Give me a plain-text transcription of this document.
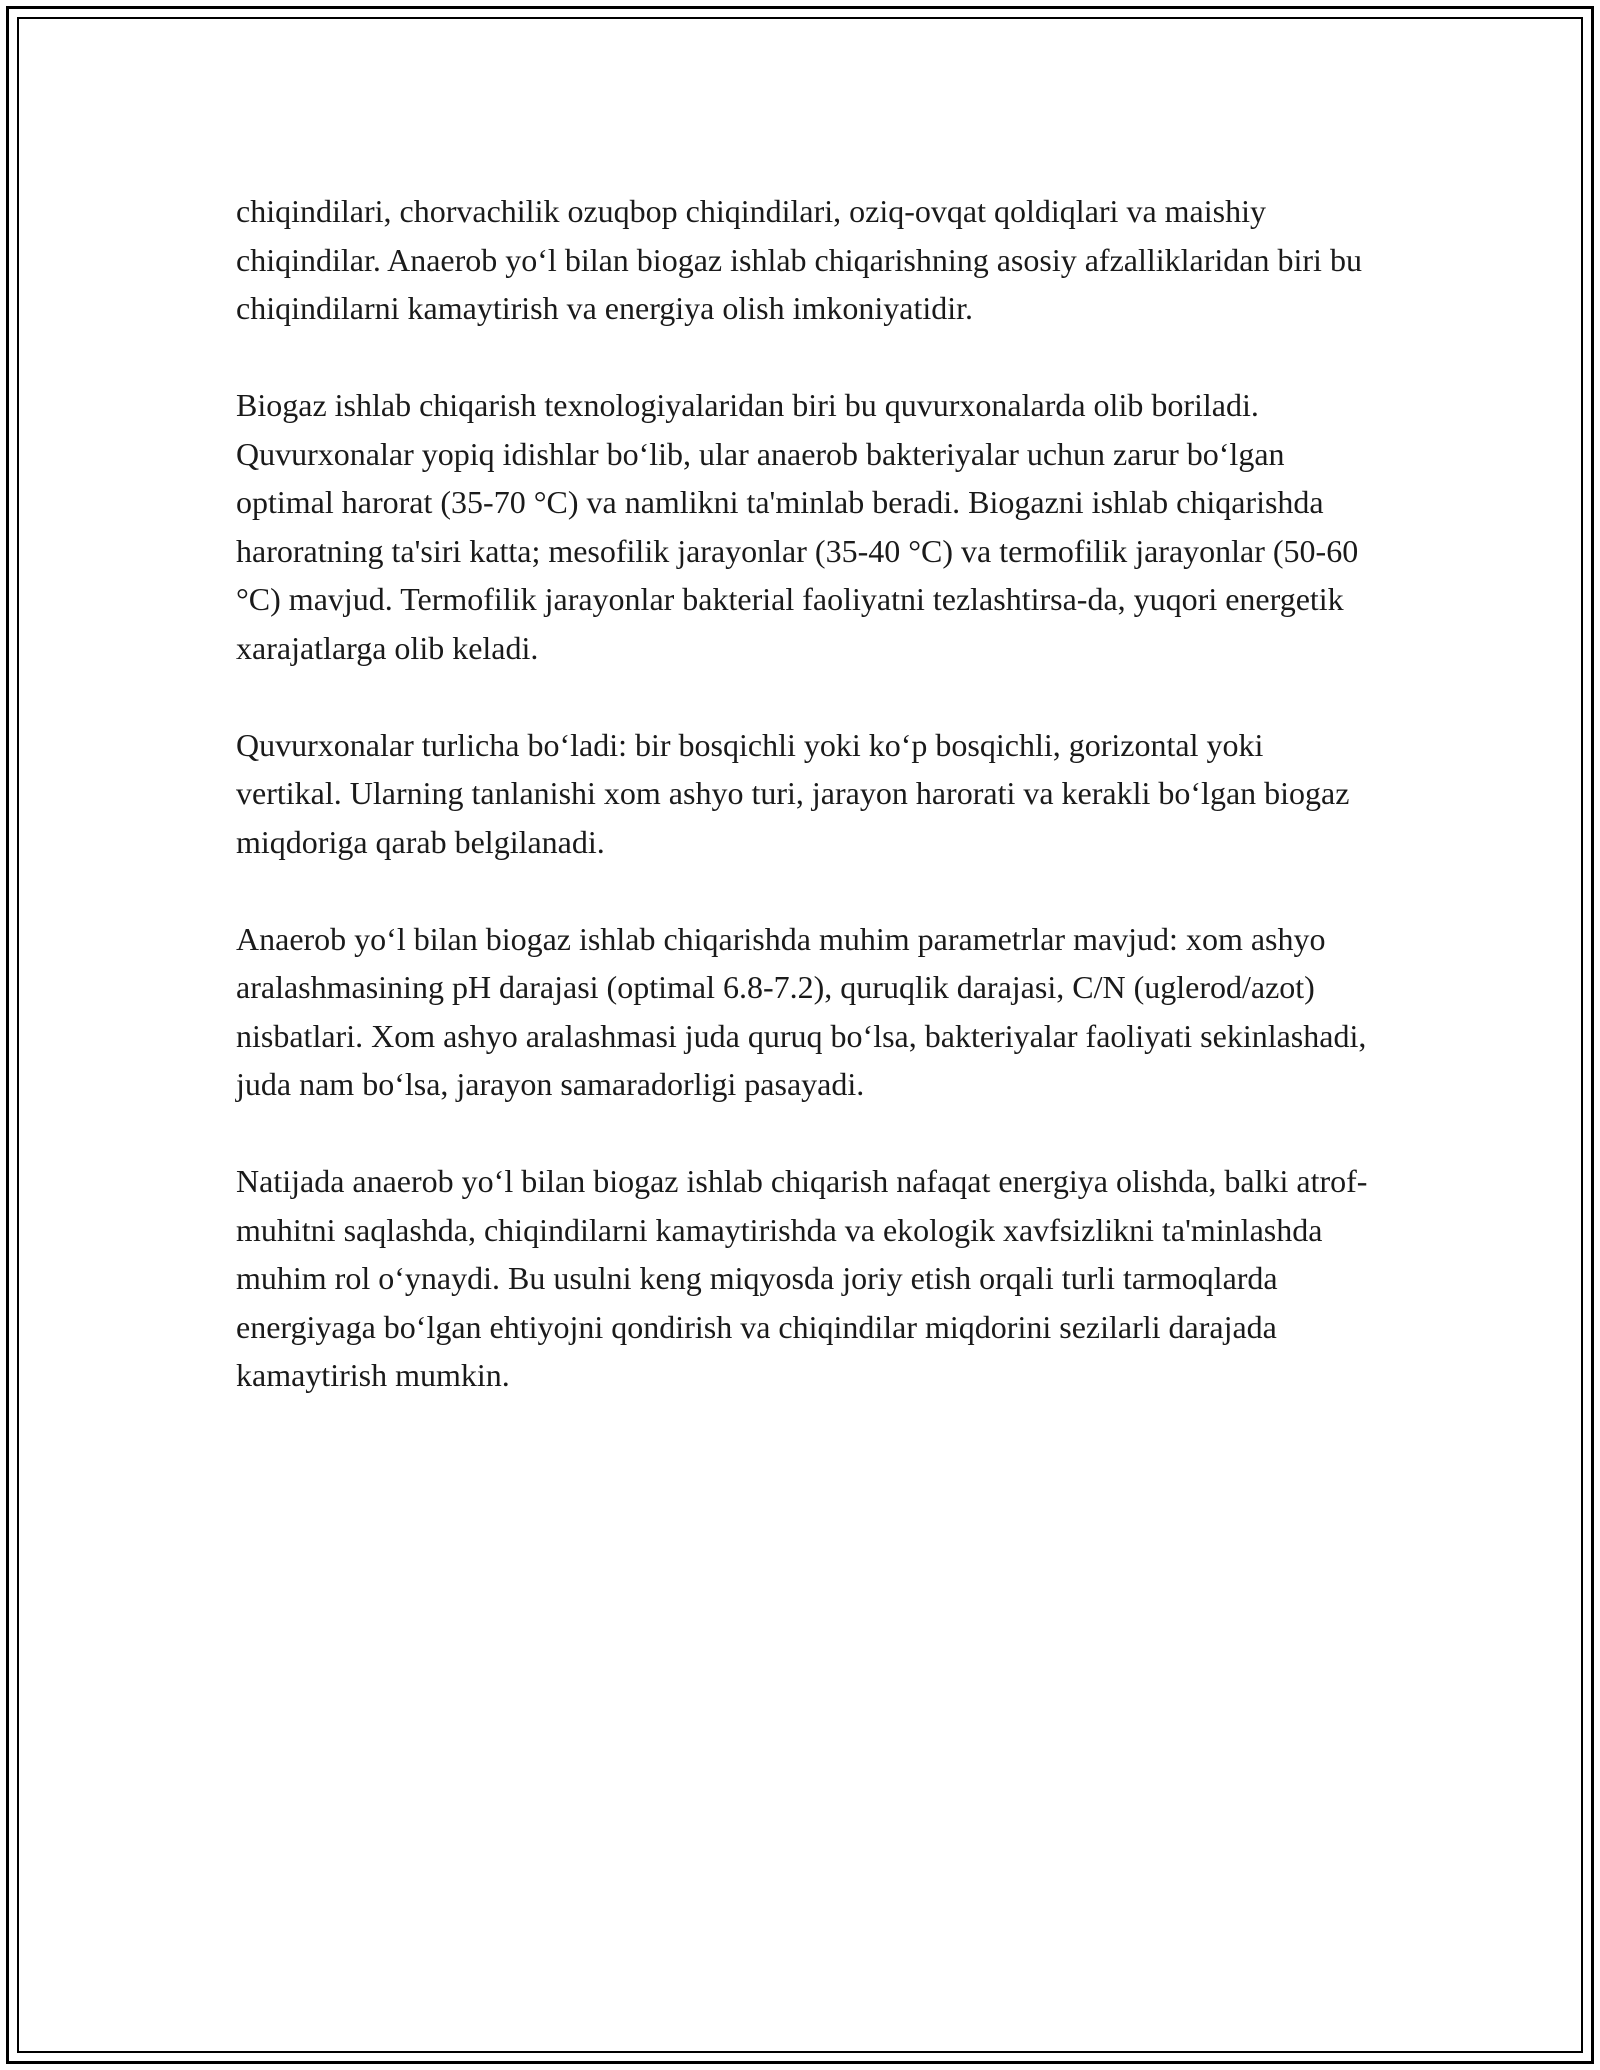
chiqindilari, chorvachilik ozuqbop chiqindilari, oziq-ovqat qoldiqlari va maishiy chiqindilar. Anaerob yo‘l bilan biogaz ishlab chiqarishning asosiy afzalliklaridan biri bu chiqindilarni kamaytirish va energiya olish imkoniyatidir.

Biogaz ishlab chiqarish texnologiyalaridan biri bu quvurxonalarda olib boriladi. Quvurxonalar yopiq idishlar bo‘lib, ular anaerob bakteriyalar uchun zarur bo‘lgan optimal harorat (35-70 °C) va namlikni ta'minlab beradi. Biogazni ishlab chiqarishda haroratning ta'siri katta; mesofilik jarayonlar (35-40 °C) va termofilik jarayonlar (50-60 °C) mavjud. Termofilik jarayonlar bakterial faoliyatni tezlashtirsa-da, yuqori energetik xarajatlarga olib keladi.

Quvurxonalar turlicha bo‘ladi: bir bosqichli yoki ko‘p bosqichli, gorizontal yoki vertikal. Ularning tanlanishi xom ashyo turi, jarayon harorati va kerakli bo‘lgan biogaz miqdoriga qarab belgilanadi.

Anaerob yo‘l bilan biogaz ishlab chiqarishda muhim parametrlar mavjud: xom ashyo aralashmasining pH darajasi (optimal 6.8-7.2), quruqlik darajasi, C/N (uglerod/azot) nisbatlari. Xom ashyo aralashmasi juda quruq bo‘lsa, bakteriyalar faoliyati sekinlashadi, juda nam bo‘lsa, jarayon samaradorligi pasayadi.

Natijada anaerob yo‘l bilan biogaz ishlab chiqarish nafaqat energiya olishda, balki atrof-muhitni saqlashda, chiqindilarni kamaytirishda va ekologik xavfsizlikni ta'minlashda muhim rol o‘ynaydi. Bu usulni keng miqyosda joriy etish orqali turli tarmoqlarda energiyaga bo‘lgan ehtiyojni qondirish va chiqindilar miqdorini sezilarli darajada kamaytirish mumkin.
